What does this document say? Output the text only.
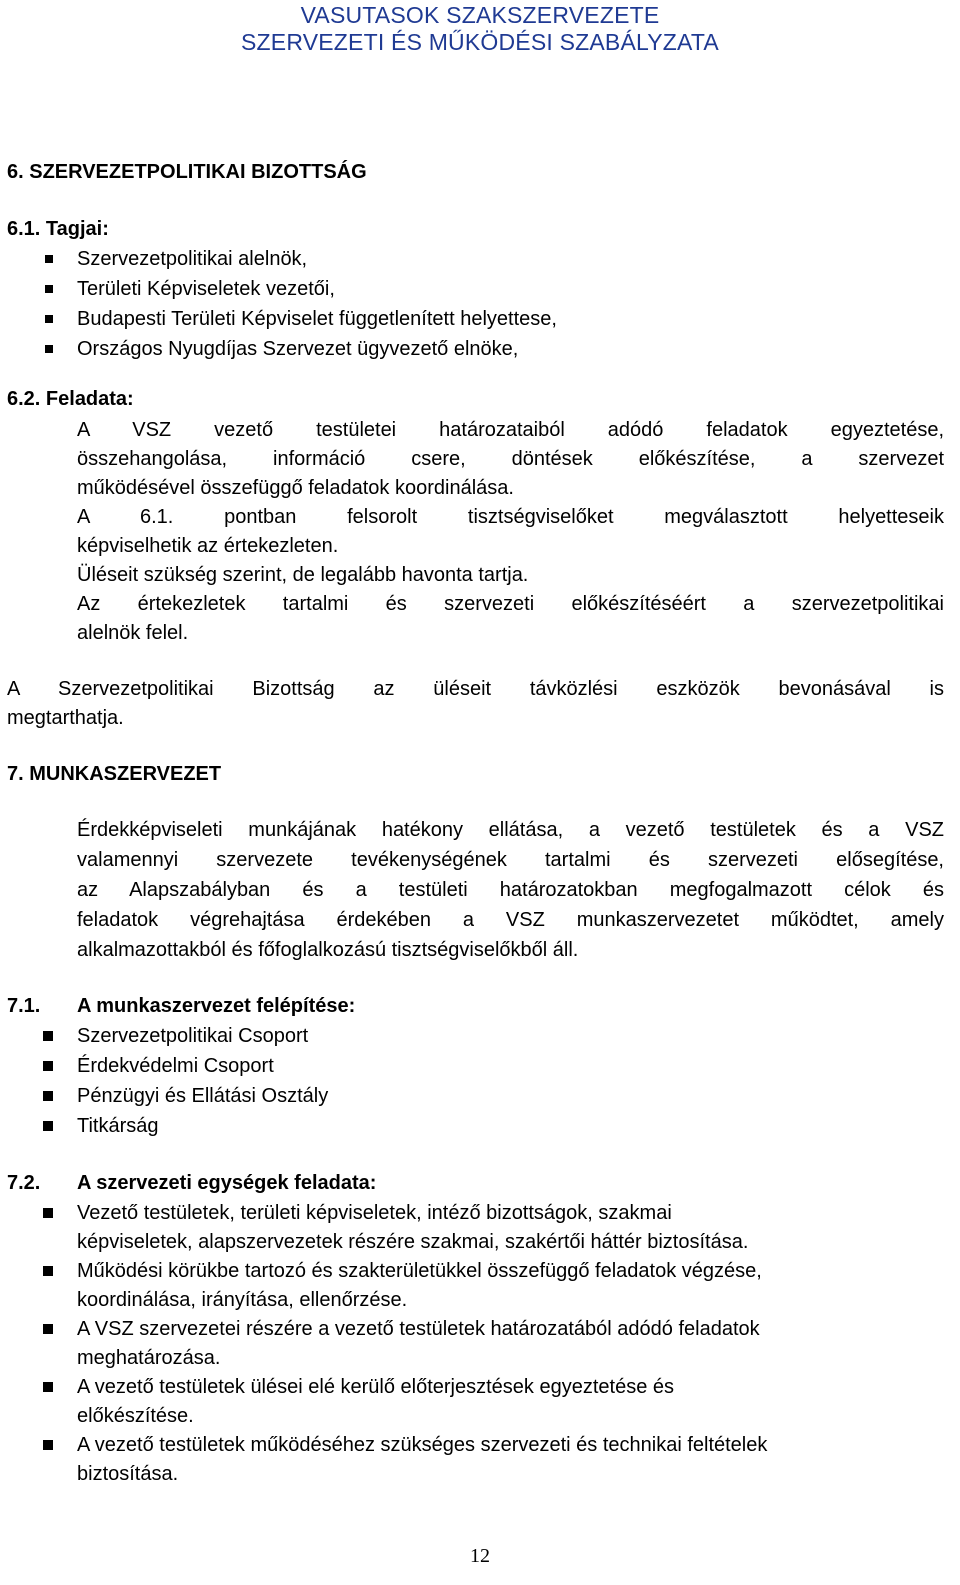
VASUTASOK SZAKSZERVEZETE
SZERVEZETI ÉS MŰKÖDÉSI SZABÁLYZATA
6. SZERVEZETPOLITIKAI BIZOTTSÁG
6.1. Tagjai:
Szervezetpolitikai alelnök,
Területi Képviseletek vezetői,
Budapesti Területi Képviselet függetlenített helyettese,
Országos Nyugdíjas Szervezet ügyvezető elnöke,
6.2. Feladata:
A VSZ vezető testületei határozataiból adódó feladatok egyeztetése,
összehangolása, információ csere, döntések előkészítése, a szervezet
működésével összefüggő feladatok koordinálása.
A 6.1. pontban felsorolt tisztségviselőket megválasztott helyetteseik
képviselhetik az értekezleten.
Üléseit szükség szerint, de legalább havonta tartja.
Az értekezletek tartalmi és szervezeti előkészítéséért a szervezetpolitikai
alelnök felel.
A Szervezetpolitikai Bizottság az üléseit távközlési eszközök bevonásával is
megtarthatja.
7. MUNKASZERVEZET
Érdekképviseleti munkájának hatékony ellátása, a vezető testületek és a VSZ
valamennyi szervezete tevékenységének tartalmi és szervezeti elősegítése,
az Alapszabályban és a testületi határozatokban megfogalmazott célok és
feladatok végrehajtása érdekében a VSZ munkaszervezetet működtet, amely
alkalmazottakból és főfoglalkozású tisztségviselőkből áll.
7.1. A munkaszervezet felépítése:
Szervezetpolitikai Csoport
Érdekvédelmi Csoport
Pénzügyi és Ellátási Osztály
Titkárság
7.2. A szervezeti egységek feladata:
Vezető testületek, területi képviseletek, intéző bizottságok, szakmai
képviseletek, alapszervezetek részére szakmai, szakértői háttér biztosítása.
Működési körükbe tartozó és szakterületükkel összefüggő feladatok végzése,
koordinálása, irányítása, ellenőrzése.
A VSZ szervezetei részére a vezető testületek határozatából adódó feladatok
meghatározása.
A vezető testületek ülései elé kerülő előterjesztések egyeztetése és
előkészítése.
A vezető testületek működéséhez szükséges szervezeti és technikai feltételek
biztosítása.
12
